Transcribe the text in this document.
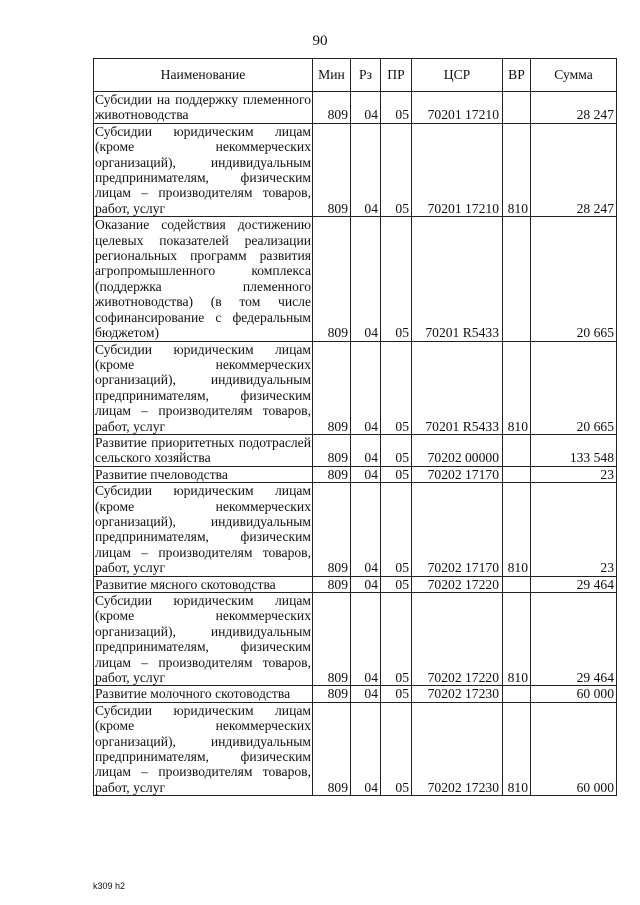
90
Наименование	Мин	Рз	ПР	ЦСР	ВР	Сумма
Субсидии на поддержку племенного животноводства	809	04	05	70201 17210		28 247
Субсидии юридическим лицам (кроме некоммерческих организаций), индивидуальным предпринимателям, физическим лицам – производителям товаров, работ, услуг	809	04	05	70201 17210	810	28 247
Оказание содействия достижению целевых показателей реализации региональных программ развития агропромышленного комплекса (поддержка племенного животноводства) (в том числе софинансирование с федеральным бюджетом)	809	04	05	70201 R5433		20 665
Субсидии юридическим лицам (кроме некоммерческих организаций), индивидуальным предпринимателям, физическим лицам – производителям товаров, работ, услуг	809	04	05	70201 R5433	810	20 665
Развитие приоритетных подотраслей сельского хозяйства	809	04	05	70202 00000		133 548
Развитие пчеловодства	809	04	05	70202 17170		23
Субсидии юридическим лицам (кроме некоммерческих организаций), индивидуальным предпринимателям, физическим лицам – производителям товаров, работ, услуг	809	04	05	70202 17170	810	23
Развитие мясного скотоводства	809	04	05	70202 17220		29 464
Субсидии юридическим лицам (кроме некоммерческих организаций), индивидуальным предпринимателям, физическим лицам – производителям товаров, работ, услуг	809	04	05	70202 17220	810	29 464
Развитие молочного скотоводства	809	04	05	70202 17230		60 000
Субсидии юридическим лицам (кроме некоммерческих организаций), индивидуальным предпринимателям, физическим лицам – производителям товаров, работ, услуг	809	04	05	70202 17230	810	60 000
k309 h2
